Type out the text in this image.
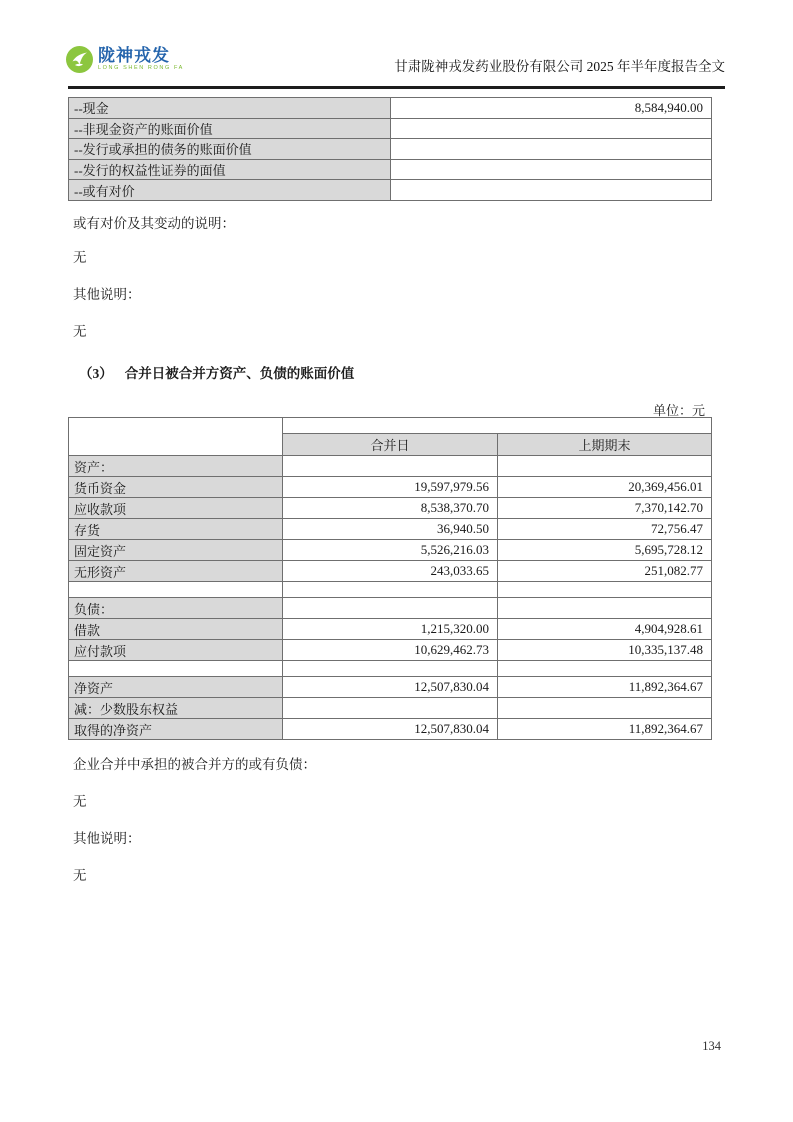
陇神戎发
LONG SHEN RONG FA	甘肃陇神戎发药业股份有限公司 2025 年半年度报告全文
--现金	8,584,940.00
--非现金资产的账面价值	
--发行或承担的债务的账面价值	
--发行的权益性证券的面值	
--或有对价	
或有对价及其变动的说明：
无
其他说明：
无
（3） 合并日被合并方资产、负债的账面价值
单位：元

	合并日	上期期末
资产：		
货币资金	19,597,979.56	20,369,456.01
应收款项	8,538,370.70	7,370,142.70
存货	36,940.50	72,756.47
固定资产	5,526,216.03	5,695,728.12
无形资产	243,033.65	251,082.77

负债：		
借款	1,215,320.00	4,904,928.61
应付款项	10,629,462.73	10,335,137.48

净资产	12,507,830.04	11,892,364.67
减：少数股东权益		
取得的净资产	12,507,830.04	11,892,364.67
企业合并中承担的被合并方的或有负债：
无
其他说明：
无
134
